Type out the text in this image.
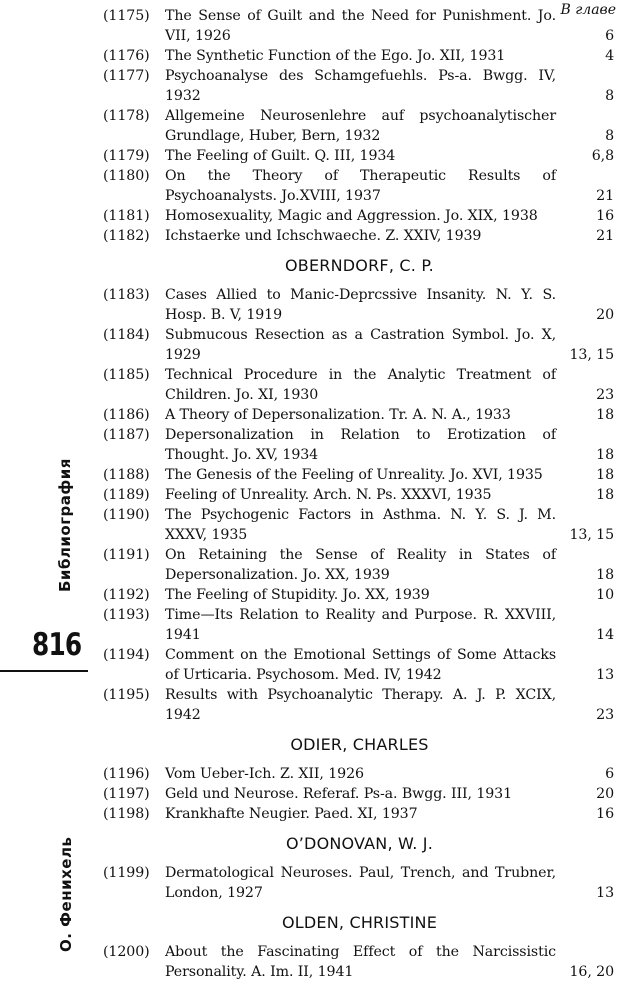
Библиография
816
О. Фенихель
В главе
(1175)	The Sense of Guilt and the Need for Punishment. Jo. VII, 1926	6
(1176)	The Synthetic Function of the Ego. Jo. XII, 1931	4
(1177)	Psychoanalyse des Schamgefuehls. Ps-a. Bwgg. IV, 1932	8
(1178)	Allgemeine Neurosenlehre auf psychoanalytischer Grundlage, Huber, Bern, 1932	8
(1179)	The Feeling of Guilt. Q. III, 1934	6,8
(1180)	On the Theory of Therapeutic Results of Psychoanalysts. Jo.XVIII, 1937	21
(1181)	Homosexuality, Magic and Aggression. Jo. XIX, 1938	16
(1182)	Ichstaerke und Ichschwaeche. Z. XXIV, 1939	21
OBERNDORF, C. P.
(1183)	Cases Allied to Manic-Deprcssive Insanity. N. Y. S. Hosp. B. V, 1919	20
(1184)	Submucous Resection as a Castration Symbol. Jo. X, 1929	13, 15
(1185)	Technical Procedure in the Analytic Treatment of Children. Jo. XI, 1930	23
(1186)	A Theory of Depersonalization. Tr. A. N. A., 1933	18
(1187)	Depersonalization in Relation to Erotization of Thought. Jo. XV, 1934	18
(1188)	The Genesis of the Feeling of Unreality. Jo. XVI, 1935	18
(1189)	Feeling of Unreality. Arch. N. Ps. XXXVI, 1935	18
(1190)	The Psychogenic Factors in Asthma. N. Y. S. J. M. XXXV, 1935	13, 15
(1191)	On Retaining the Sense of Reality in States of Depersonalization. Jo. XX, 1939	18
(1192)	The Feeling of Stupidity. Jo. XX, 1939	10
(1193)	Time—Its Relation to Reality and Purpose. R. XXVIII, 1941	14
(1194)	Comment on the Emotional Settings of Some Attacks of Urticaria. Psychosom. Med. IV, 1942	13
(1195)	Results with Psychoanalytic Therapy. A. J. P. XCIX, 1942	23
ODIER, CHARLES
(1196)	Vom Ueber-Ich. Z. XII, 1926	6
(1197)	Geld und Neurose. Referaf. Ps-a. Bwgg. III, 1931	20
(1198)	Krankhafte Neugier. Paed. XI, 1937	16
O’DONOVAN, W. J.
(1199)	Dermatological Neuroses. Paul, Trench, and Trubner, London, 1927	13
OLDEN, CHRISTINE
(1200)	About the Fascinating Effect of the Narcissistic Personality. A. Im. II, 1941	16, 20
